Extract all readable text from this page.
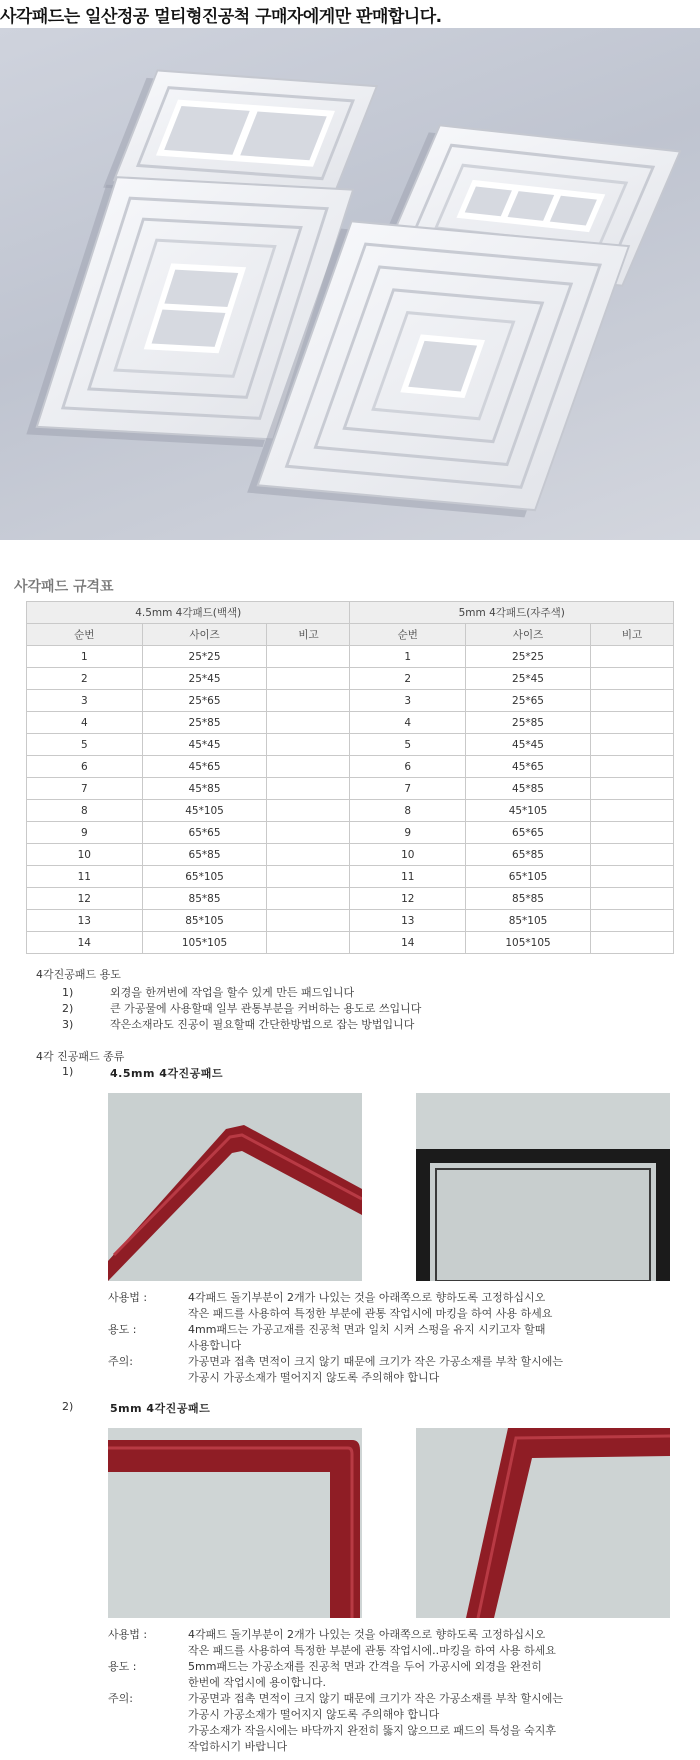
사각패드는 일산정공 멀티형진공척 구매자에게만 판매합니다.
사각패드 규격표
4.5mm 4각패드(백색)			5mm 4각패드(자주색)		
순번	사이즈	비고	순번	사이즈	비고
1	25*25		1	25*25	
2	25*45		2	25*45	
3	25*65		3	25*65	
4	25*85		4	25*85	
5	45*45		5	45*45	
6	45*65		6	45*65	
7	45*85		7	45*85	
8	45*105		8	45*105	
9	65*65		9	65*65	
10	65*85		10	65*85	
11	65*105		11	65*105	
12	85*85		12	85*85	
13	85*105		13	85*105	
14	105*105		14	105*105	
4각진공패드 용도
1)	외경을 한꺼번에 작업을 할수 있게 만든 패드입니다
2)	큰 가공물에 사용할때 일부 관통부분을 커버하는 용도로 쓰입니다
3)	작은소재라도 진공이 필요할때 간단한방법으로 잡는 방법입니다
4각 진공패드 종류
1)	4.5mm 4각진공패드
사용법 :	4각패드 돌기부분이 2개가 나있는 것을 아래쪽으로 향하도록 고정하십시오
작은 패드를 사용하여 특정한 부분에 관통 작업시에 마킹을 하여 사용 하세요
용도 :	4mm패드는 가공고재를 진공척 면과 일치 시켜 스펑을 유지 시키고자 할때
사용합니다
주의:	가공면과 접촉 면적이 크지 않기 때문에 크기가 작은 가공소재를 부착 할시에는
가공시 가공소재가 떨어지지 않도록 주의해야 합니다
2)	5mm 4각진공패드
사용법 :	4각패드 돌기부분이 2개가 나있는 것을 아래쪽으로 향하도록 고정하십시오
작은 패드를 사용하여 특정한 부분에 관통 작업시에..마킹을 하여 사용 하세요
용도 :	5mm패드는 가공소재를 진공척 면과 간격을 두어 가공시에 외경을 완전히
한번에 작업시에 용이합니다.
주의:	가공면과 접촉 면적이 크지 않기 때문에 크기가 작은 가공소재를 부착 할시에는
가공시 가공소재가 떨어지지 않도록 주의해야 합니다
가공소재가 작을시에는 바닥까지 완전히 뚫지 않으므로 패드의 특성을 숙지후
작업하시기 바랍니다
